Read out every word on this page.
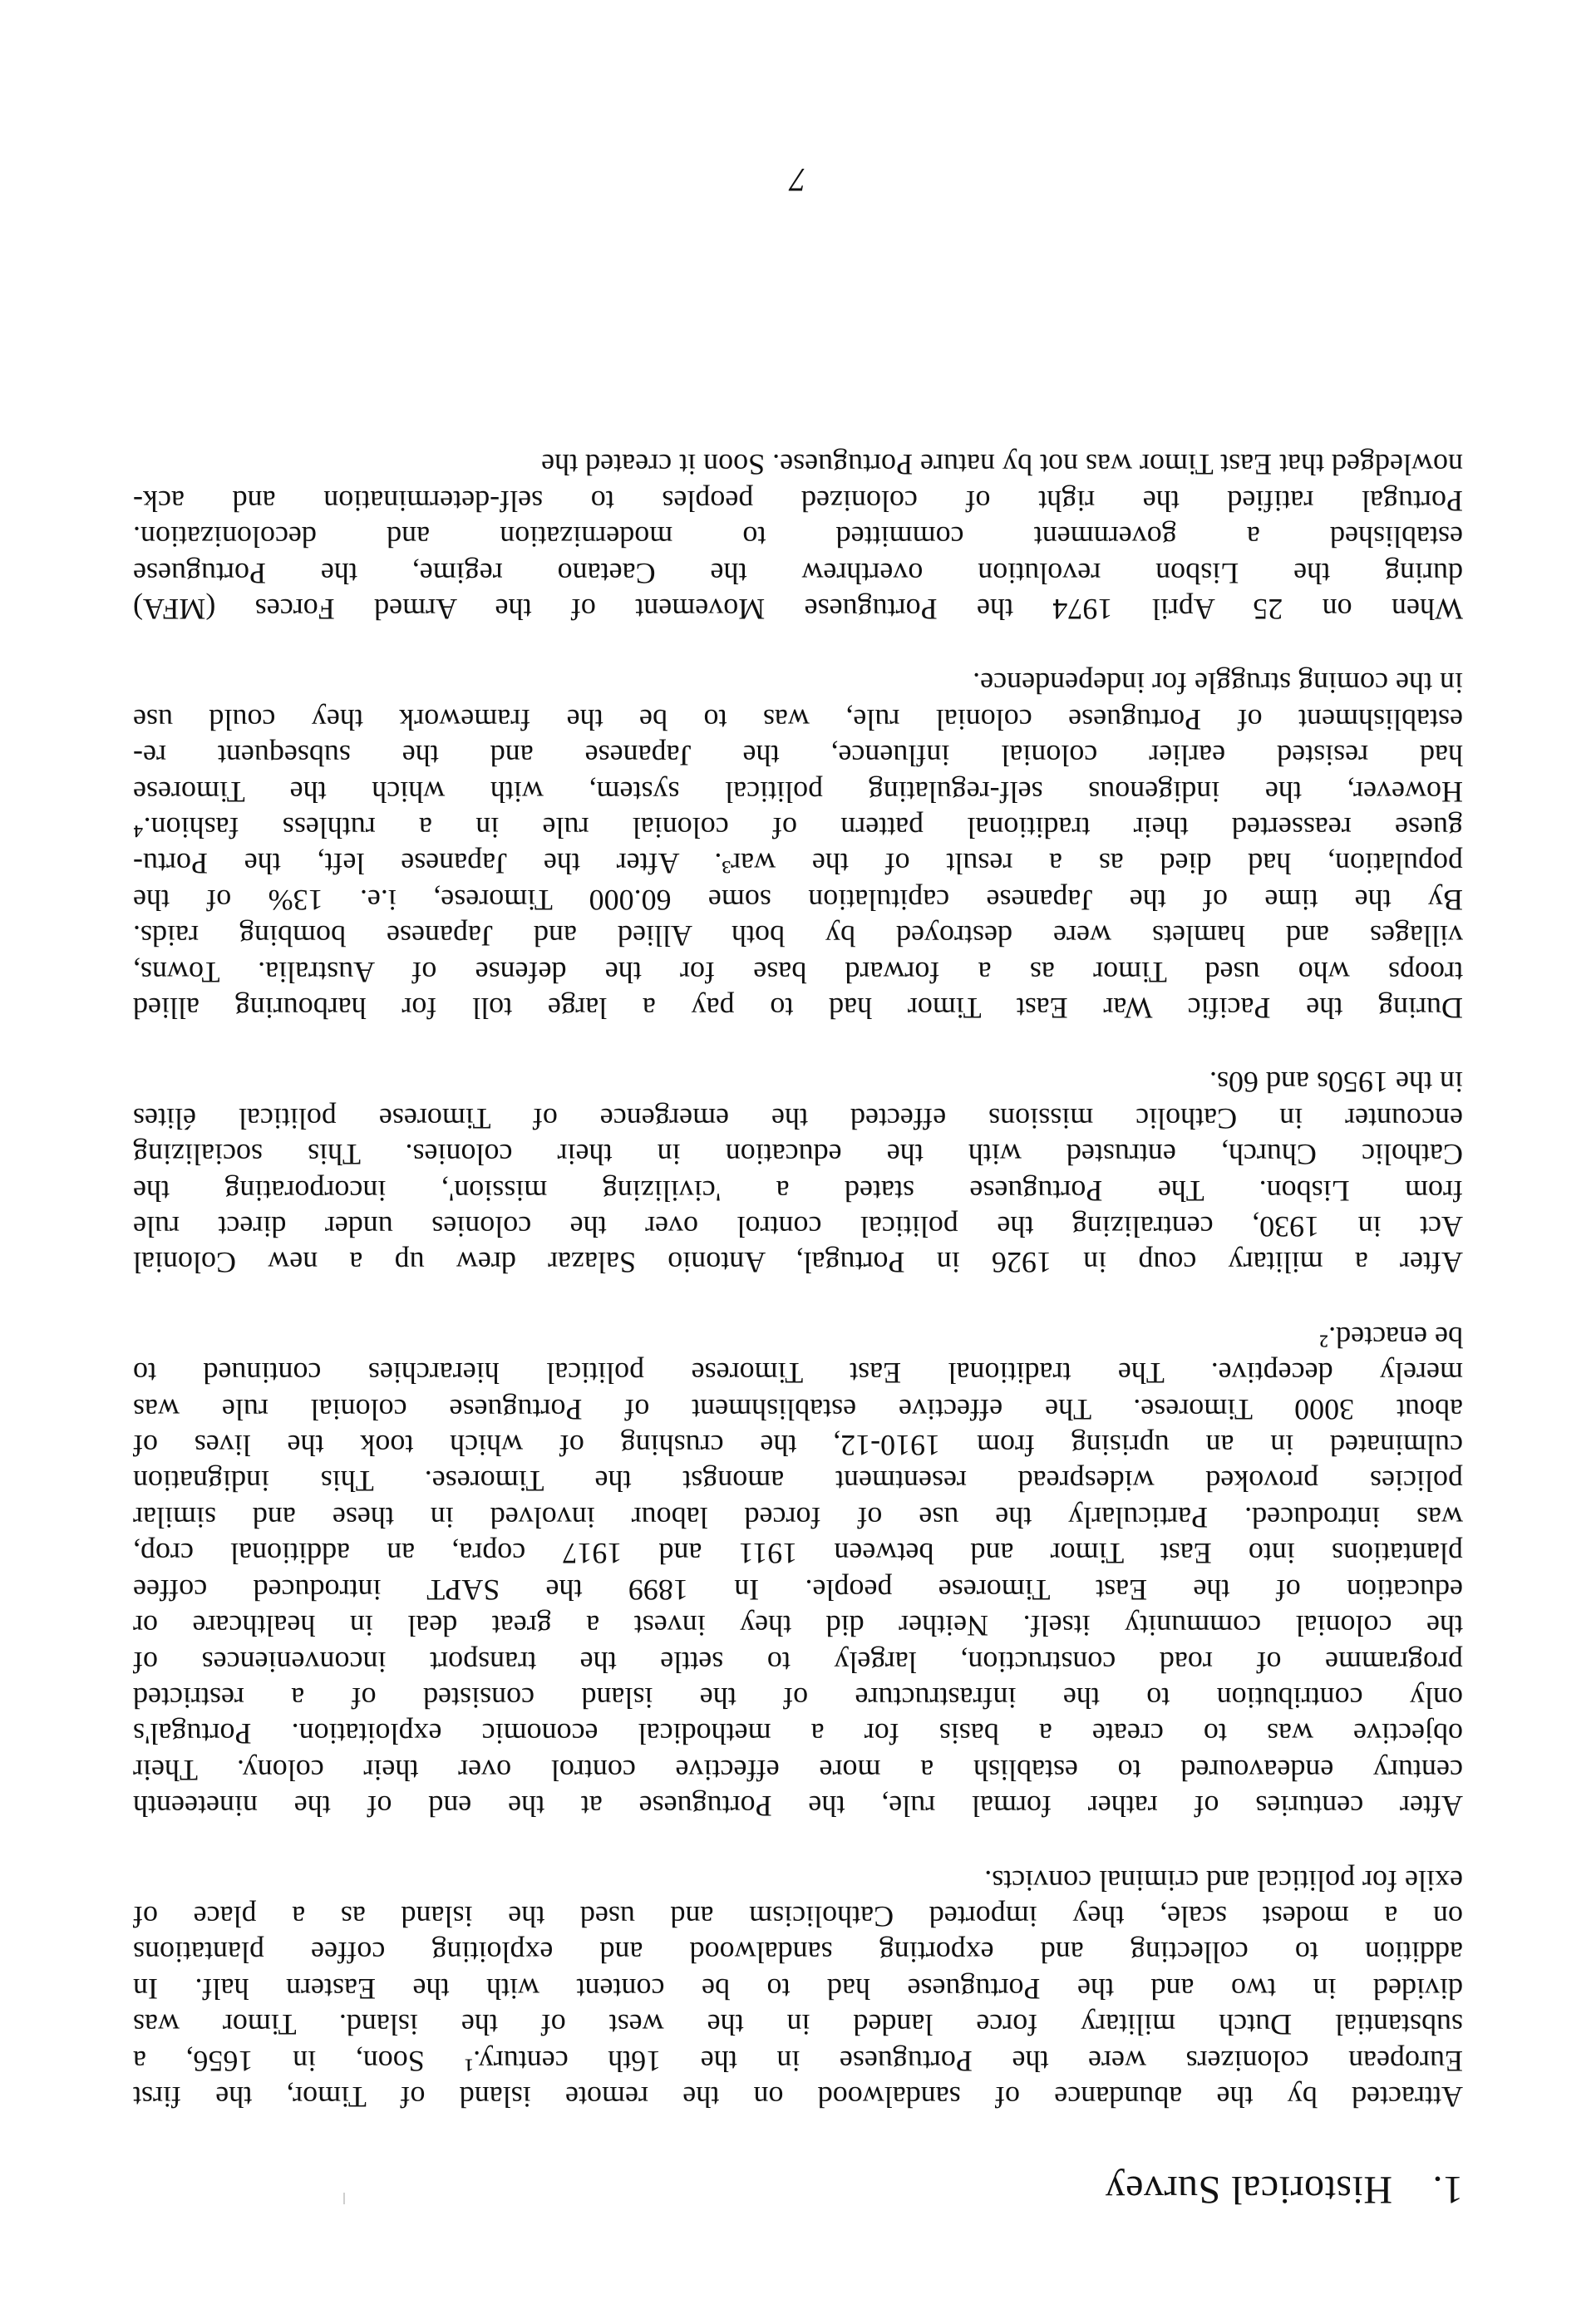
1.
Historical Survey

Attracted by the abundance of sandalwood on the remote island of Timor, the first
European colonizers were the Portuguese in the 16th century.¹ Soon, in 1656, a
substantial Dutch military force landed in the west of the island. Timor was
divided in two and the Portuguese had to be content with the Eastern half. In
addition to collecting and exporting sandalwood and exploiting coffee plantations
on a modest scale, they imported Catholicism and used the island as a place of
exile for political and criminal convicts.

After centuries of rather formal rule, the Portuguese at the end of the nineteenth
century endeavoured to establish a more effective control over their colony. Their
objective was to create a basis for a methodical economic exploitation. Portugal's
only contribution to the infrastructure of the island consisted of a restricted
programme of road construction, largely to settle the transport inconveniences of
the colonial community itself. Neither did they invest a great deal in healthcare or
education of the East Timorese people. In 1899 the SAPT introduced coffee
plantations into East Timor and between 1911 and 1917 copra, an additional crop,
was introduced. Particularly the use of forced labour involved in these and similar
policies provoked widespread resentment amongst the Timorese. This indignation
culminated in an uprising from 1910-12, the crushing of which took the lives of
about 3000 Timorese. The effective establishment of Portuguese colonial rule was
merely deceptive. The traditional East Timorese political hierarchies continued to
be enacted.²

After a military coup in 1926 in Portugal, Antonio Salazar drew up a new Colonial
Act in 1930, centralizing the political control over the colonies under direct rule
from Lisbon. The Portuguese stated a 'civilizing mission', incorporating the
Catholic Church, entrusted with the education in their colonies. This socializing
encounter in Catholic missions effected the emergence of Timorese political élites
in the 1950s and 60s.

During the Pacific War East Timor had to pay a large toll for harbouring allied
troops who used Timor as a forward base for the defense of Australia. Towns,
villages and hamlets were destroyed by both Allied and Japanese bombing raids.
By the time of the Japanese capitulation some 60.000 Timorese, i.e. 13% of the
population, had died as a result of the war³. After the Japanese left, the Portu-
guese reasserted their traditional pattern of colonial rule in a ruthless fashion.⁴
However, the indigenous self-regulating political system, with which the Timorese
had resisted earlier colonial influence, the Japanese and the subsequent re-
establishment of Portuguese colonial rule, was to be the framework they could use
in the coming struggle for independence.

When on 25 April 1974 the Portuguese Movement of the Armed Forces (MFA)
during the Lisbon revolution overthrew the Caetano regime, the Portuguese
established a government committed to modernization and decolonization.
Portugal ratified the right of colonized peoples to self-determination and ack-
nowledged that East Timor was not by nature Portuguese. Soon it created the

7
